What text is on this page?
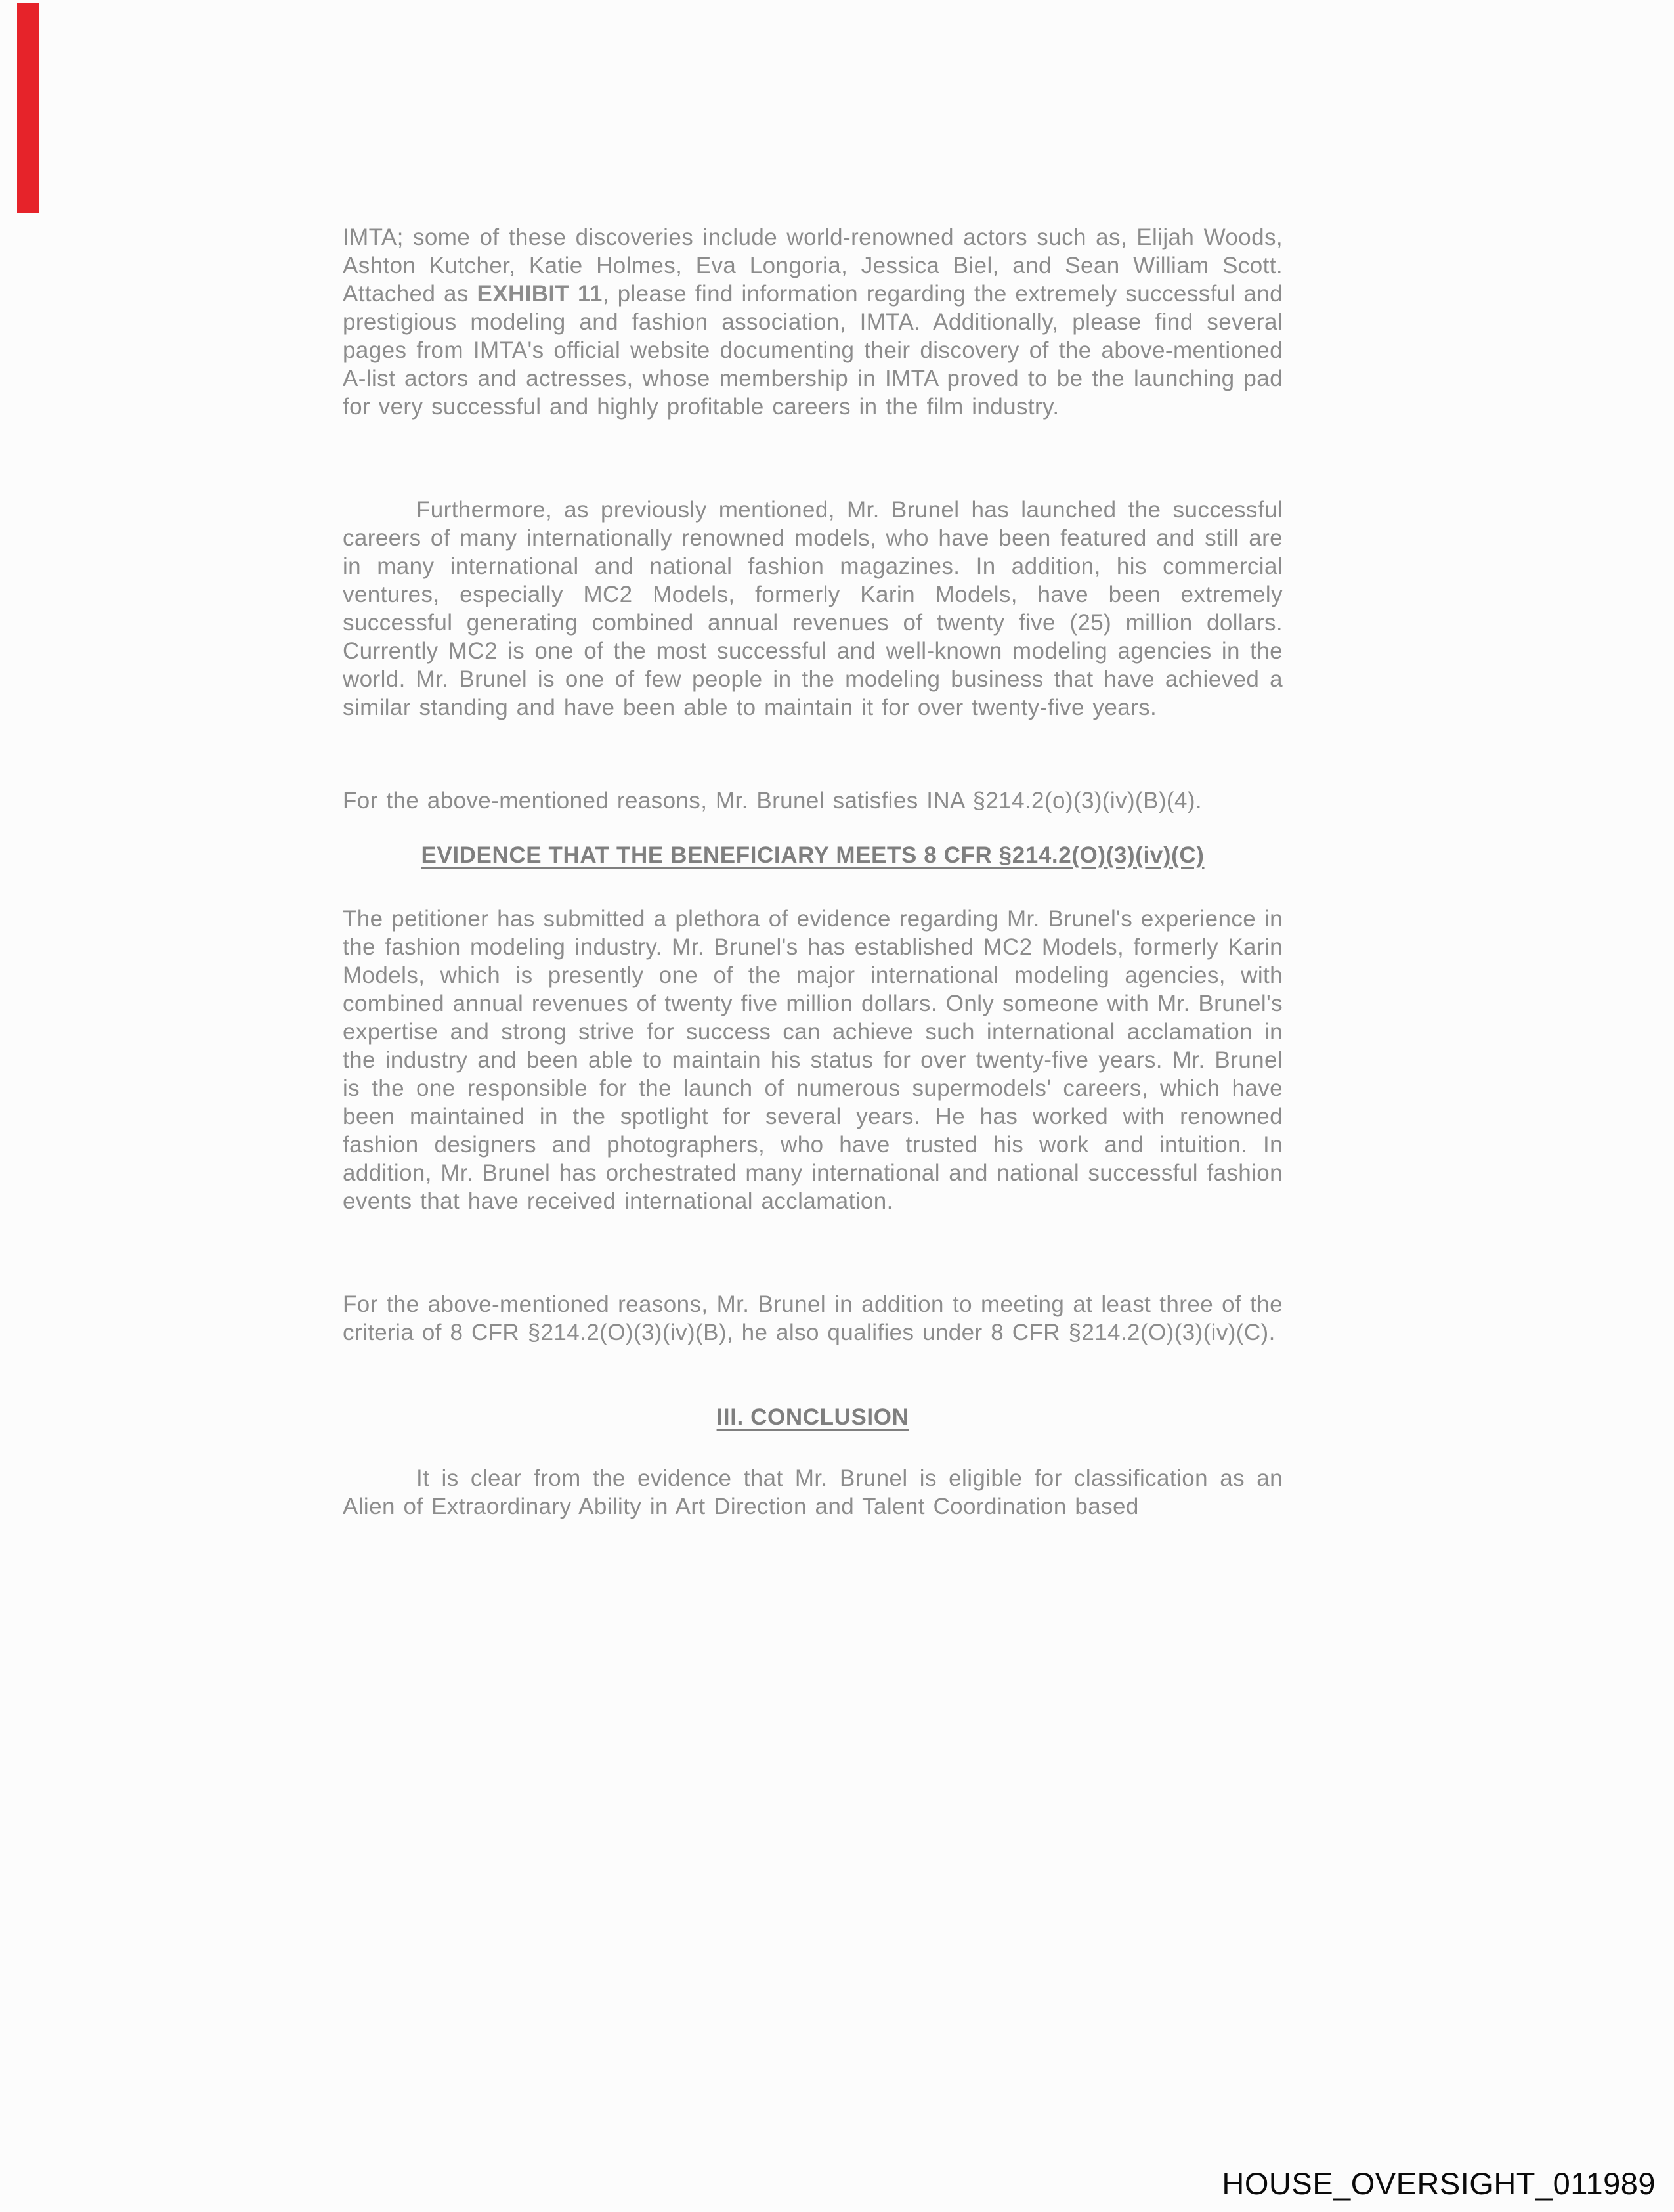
IMTA; some of these discoveries include world-renowned actors such as, Elijah Woods, Ashton Kutcher, Katie Holmes, Eva Longoria, Jessica Biel, and Sean William Scott. Attached as EXHIBIT 11, please find information regarding the extremely successful and prestigious modeling and fashion association, IMTA. Additionally, please find several pages from IMTA's official website documenting their discovery of the above-mentioned A-list actors and actresses, whose membership in IMTA proved to be the launching pad for very successful and highly profitable careers in the film industry.

Furthermore, as previously mentioned, Mr. Brunel has launched the successful careers of many internationally renowned models, who have been featured and still are in many international and national fashion magazines. In addition, his commercial ventures, especially MC2 Models, formerly Karin Models, have been extremely successful generating combined annual revenues of twenty five (25) million dollars. Currently MC2 is one of the most successful and well-known modeling agencies in the world. Mr. Brunel is one of few people in the modeling business that have achieved a similar standing and have been able to maintain it for over twenty-five years.

For the above-mentioned reasons, Mr. Brunel satisfies INA §214.2(o)(3)(iv)(B)(4).

EVIDENCE THAT THE BENEFICIARY MEETS 8 CFR §214.2(O)(3)(iv)(C)

The petitioner has submitted a plethora of evidence regarding Mr. Brunel's experience in the fashion modeling industry. Mr. Brunel's has established MC2 Models, formerly Karin Models, which is presently one of the major international modeling agencies, with combined annual revenues of twenty five million dollars. Only someone with Mr. Brunel's expertise and strong strive for success can achieve such international acclamation in the industry and been able to maintain his status for over twenty-five years. Mr. Brunel is the one responsible for the launch of numerous supermodels' careers, which have been maintained in the spotlight for several years. He has worked with renowned fashion designers and photographers, who have trusted his work and intuition. In addition, Mr. Brunel has orchestrated many international and national successful fashion events that have received international acclamation.

For the above-mentioned reasons, Mr. Brunel in addition to meeting at least three of the criteria of 8 CFR §214.2(O)(3)(iv)(B), he also qualifies under 8 CFR §214.2(O)(3)(iv)(C).

III. CONCLUSION

It is clear from the evidence that Mr. Brunel is eligible for classification as an Alien of Extraordinary Ability in Art Direction and Talent Coordination based

HOUSE_OVERSIGHT_011989
